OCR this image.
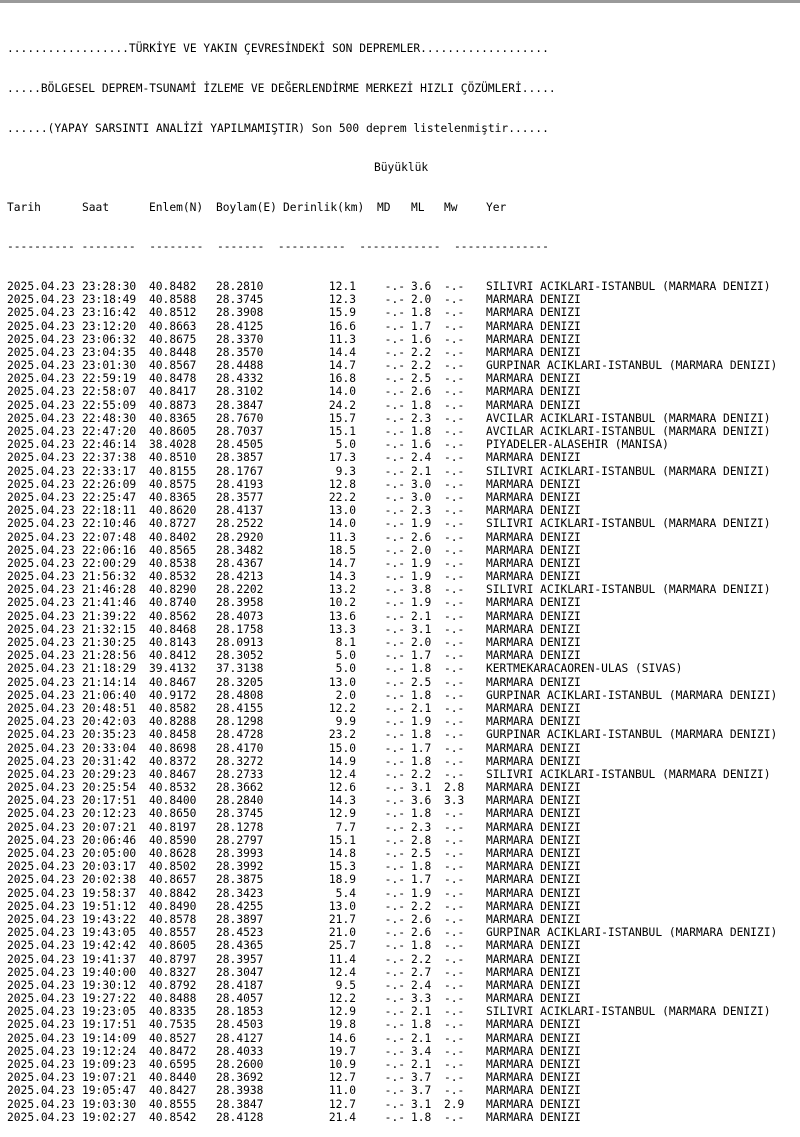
..................TÜRKİYE VE YAKIN ÇEVRESİNDEKİ SON DEPREMLER...................

.....BÖLGESEL DEPREM-TSUNAMİ İZLEME VE DEĞERLENDİRME MERKEZİ HIZLI ÇÖZÜMLERİ.....

......(YAPAY SARSINTI ANALİZİ YAPILMAMIŞTIR) Son 500 deprem listelenmiştir......

Büyüklük

Tarih	Saat	Enlem(N) Boylam(E) Derinlik(km) MD ML Mw	Yer

---------- --------  --------  -------  ----------  ------------  --------------

2025.04.23 23:28:30 40.8482 28.2810	12.1	-.- 3.6 -.- SILIVRI ACIKLARI-ISTANBUL (MARMARA DENIZI)
2025.04.23 23:18:49 40.8588 28.3745	12.3	-.- 2.0 -.- MARMARA DENIZI
2025.04.23 23:16:42 40.8512 28.3908	15.9	-.- 1.8 -.- MARMARA DENIZI
2025.04.23 23:12:20 40.8663 28.4125	16.6	-.- 1.7 -.- MARMARA DENIZI
2025.04.23 23:06:32 40.8675 28.3370	11.3	-.- 1.6 -.- MARMARA DENIZI
2025.04.23 23:04:35 40.8448 28.3570	14.4	-.- 2.2 -.- MARMARA DENIZI
2025.04.23 23:01:30 40.8567 28.4488	14.7	-.- 2.2 -.- GURPINAR ACIKLARI-ISTANBUL (MARMARA DENIZI)
2025.04.23 22:59:19 40.8478 28.4332	16.8	-.- 2.5 -.- MARMARA DENIZI
2025.04.23 22:58:07 40.8417 28.3102	14.0	-.- 2.6 -.- MARMARA DENIZI
2025.04.23 22:55:09 40.8873 28.3847	24.2	-.- 1.8 -.- MARMARA DENIZI
2025.04.23 22:48:30 40.8365 28.7670	15.7	-.- 2.3 -.- AVCILAR ACIKLARI-ISTANBUL (MARMARA DENIZI)
2025.04.23 22:47:20 40.8605 28.7037	15.1	-.- 1.8 -.- AVCILAR ACIKLARI-ISTANBUL (MARMARA DENIZI)
2025.04.23 22:46:14 38.4028 28.4505	5.0	-.- 1.6 -.- PIYADELER-ALASEHIR (MANISA)
2025.04.23 22:37:38 40.8510 28.3857	17.3	-.- 2.4 -.- MARMARA DENIZI
2025.04.23 22:33:17 40.8155 28.1767	9.3	-.- 2.1 -.- SILIVRI ACIKLARI-ISTANBUL (MARMARA DENIZI)
2025.04.23 22:26:09 40.8575 28.4193	12.8	-.- 3.0 -.- MARMARA DENIZI
2025.04.23 22:25:47 40.8365 28.3577	22.2	-.- 3.0 -.- MARMARA DENIZI
2025.04.23 22:18:11 40.8620 28.4137	13.0	-.- 2.3 -.- MARMARA DENIZI
2025.04.23 22:10:46 40.8727 28.2522	14.0	-.- 1.9 -.- SILIVRI ACIKLARI-ISTANBUL (MARMARA DENIZI)
2025.04.23 22:07:48 40.8402 28.2920	11.3	-.- 2.6 -.- MARMARA DENIZI
2025.04.23 22:06:16 40.8565 28.3482	18.5	-.- 2.0 -.- MARMARA DENIZI
2025.04.23 22:00:29 40.8538 28.4367	14.7	-.- 1.9 -.- MARMARA DENIZI
2025.04.23 21:56:32 40.8532 28.4213	14.3	-.- 1.9 -.- MARMARA DENIZI
2025.04.23 21:46:28 40.8290 28.2202	13.2	-.- 3.8 -.- SILIVRI ACIKLARI-ISTANBUL (MARMARA DENIZI)
2025.04.23 21:41:46 40.8740 28.3958	10.2	-.- 1.9 -.- MARMARA DENIZI
2025.04.23 21:39:22 40.8562 28.4073	13.6	-.- 2.1 -.- MARMARA DENIZI
2025.04.23 21:32:15 40.8468 28.1758	13.3	-.- 3.1 -.- MARMARA DENIZI
2025.04.23 21:30:25 40.8143 28.0913	8.1	-.- 2.0 -.- MARMARA DENIZI
2025.04.23 21:28:56 40.8412 28.3052	5.0	-.- 1.7 -.- MARMARA DENIZI
2025.04.23 21:18:29 39.4132 37.3138	5.0	-.- 1.8 -.- KERTMEKARACAOREN-ULAS (SIVAS)
2025.04.23 21:14:14 40.8467 28.3205	13.0	-.- 2.5 -.- MARMARA DENIZI
2025.04.23 21:06:40 40.9172 28.4808	2.0	-.- 1.8 -.- GURPINAR ACIKLARI-ISTANBUL (MARMARA DENIZI)
2025.04.23 20:48:51 40.8582 28.4155	12.2	-.- 2.1 -.- MARMARA DENIZI
2025.04.23 20:42:03 40.8288 28.1298	9.9	-.- 1.9 -.- MARMARA DENIZI
2025.04.23 20:35:23 40.8458 28.4728	23.2	-.- 1.8 -.- GURPINAR ACIKLARI-ISTANBUL (MARMARA DENIZI)
2025.04.23 20:33:04 40.8698 28.4170	15.0	-.- 1.7 -.- MARMARA DENIZI
2025.04.23 20:31:42 40.8372 28.3272	14.9	-.- 1.8 -.- MARMARA DENIZI
2025.04.23 20:29:23 40.8467 28.2733	12.4	-.- 2.2 -.- SILIVRI ACIKLARI-ISTANBUL (MARMARA DENIZI)
2025.04.23 20:25:54 40.8532 28.3662	12.6	-.- 3.1 2.8 MARMARA DENIZI
2025.04.23 20:17:51 40.8400 28.2840	14.3	-.- 3.6 3.3 MARMARA DENIZI
2025.04.23 20:12:23 40.8650 28.3745	12.9	-.- 1.8 -.- MARMARA DENIZI
2025.04.23 20:07:21 40.8197 28.1278	7.7	-.- 2.3 -.- MARMARA DENIZI
2025.04.23 20:06:46 40.8590 28.2797	15.1	-.- 2.8 -.- MARMARA DENIZI
2025.04.23 20:05:00 40.8628 28.3993	14.8	-.- 2.5 -.- MARMARA DENIZI
2025.04.23 20:03:17 40.8502 28.3992	15.3	-.- 1.8 -.- MARMARA DENIZI
2025.04.23 20:02:38 40.8657 28.3875	18.9	-.- 1.7 -.- MARMARA DENIZI
2025.04.23 19:58:37 40.8842 28.3423	5.4	-.- 1.9 -.- MARMARA DENIZI
2025.04.23 19:51:12 40.8490 28.4255	13.0	-.- 2.2 -.- MARMARA DENIZI
2025.04.23 19:43:22 40.8578 28.3897	21.7	-.- 2.6 -.- MARMARA DENIZI
2025.04.23 19:43:05 40.8557 28.4523	21.0	-.- 2.6 -.- GURPINAR ACIKLARI-ISTANBUL (MARMARA DENIZI)
2025.04.23 19:42:42 40.8605 28.4365	25.7	-.- 1.8 -.- MARMARA DENIZI
2025.04.23 19:41:37 40.8797 28.3957	11.4	-.- 2.2 -.- MARMARA DENIZI
2025.04.23 19:40:00 40.8327 28.3047	12.4	-.- 2.7 -.- MARMARA DENIZI
2025.04.23 19:30:12 40.8792 28.4187	9.5	-.- 2.4 -.- MARMARA DENIZI
2025.04.23 19:27:22 40.8488 28.4057	12.2	-.- 3.3 -.- MARMARA DENIZI
2025.04.23 19:23:05 40.8335 28.1853	12.9	-.- 2.1 -.- SILIVRI ACIKLARI-ISTANBUL (MARMARA DENIZI)
2025.04.23 19:17:51 40.7535 28.4503	19.8	-.- 1.8 -.- MARMARA DENIZI
2025.04.23 19:14:09 40.8527 28.4127	14.6	-.- 2.1 -.- MARMARA DENIZI
2025.04.23 19:12:24 40.8472 28.4033	19.7	-.- 3.4 -.- MARMARA DENIZI
2025.04.23 19:09:23 40.6595 28.2600	10.9	-.- 2.1 -.- MARMARA DENIZI
2025.04.23 19:07:21 40.8440 28.3692	12.7	-.- 3.7 -.- MARMARA DENIZI
2025.04.23 19:05:47 40.8427 28.3938	11.0	-.- 3.7 -.- MARMARA DENIZI
2025.04.23 19:03:30 40.8555 28.3847	12.7	-.- 3.1 2.9 MARMARA DENIZI
2025.04.23 19:02:27 40.8542 28.4128	21.4	-.- 1.8 -.- MARMARA DENIZI
